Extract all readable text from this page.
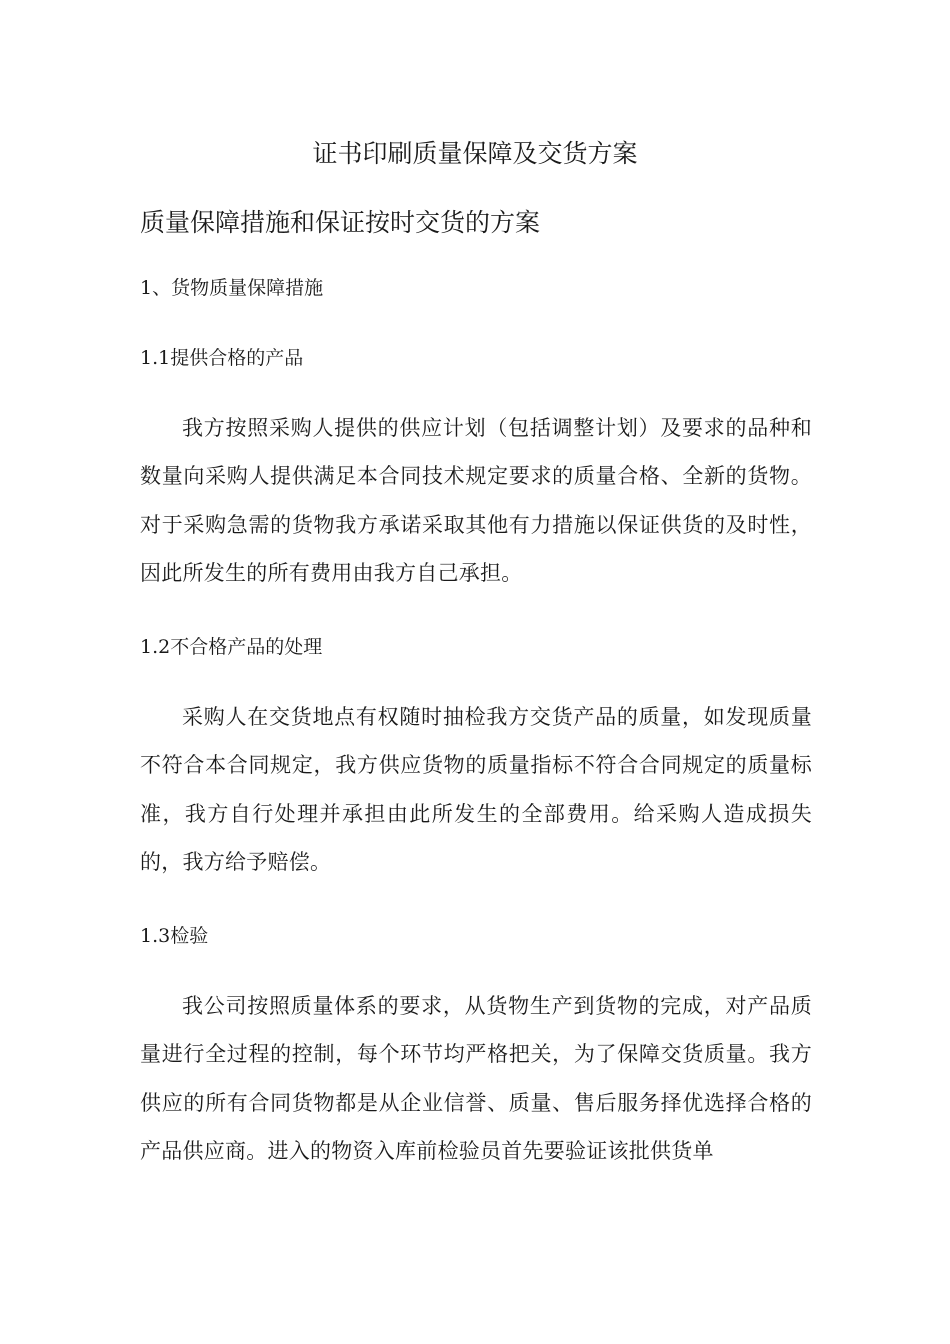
证书印刷质量保障及交货方案
质量保障措施和保证按时交货的方案
1、货物质量保障措施
1.1提供合格的产品

我方按照采购人提供的供应计划（包括调整计划）及要求的品种和数量向采购人提供满足本合同技术规定要求的质量合格、全新的货物。对于采购急需的货物我方承诺采取其他有力措施以保证供货的及时性，因此所发生的所有费用由我方自己承担。

1.2不合格产品的处理

采购人在交货地点有权随时抽检我方交货产品的质量，如发现质量不符合本合同规定，我方供应货物的质量指标不符合合同规定的质量标准，我方自行处理并承担由此所发生的全部费用。给采购人造成损失的，我方给予赔偿。

1.3检验

我公司按照质量体系的要求，从货物生产到货物的完成，对产品质量进行全过程的控制，每个环节均严格把关，为了保障交货质量。我方供应的所有合同货物都是从企业信誉、质量、售后服务择优选择合格的产品供应商。进入的物资入库前检验员首先要验证该批供货单
